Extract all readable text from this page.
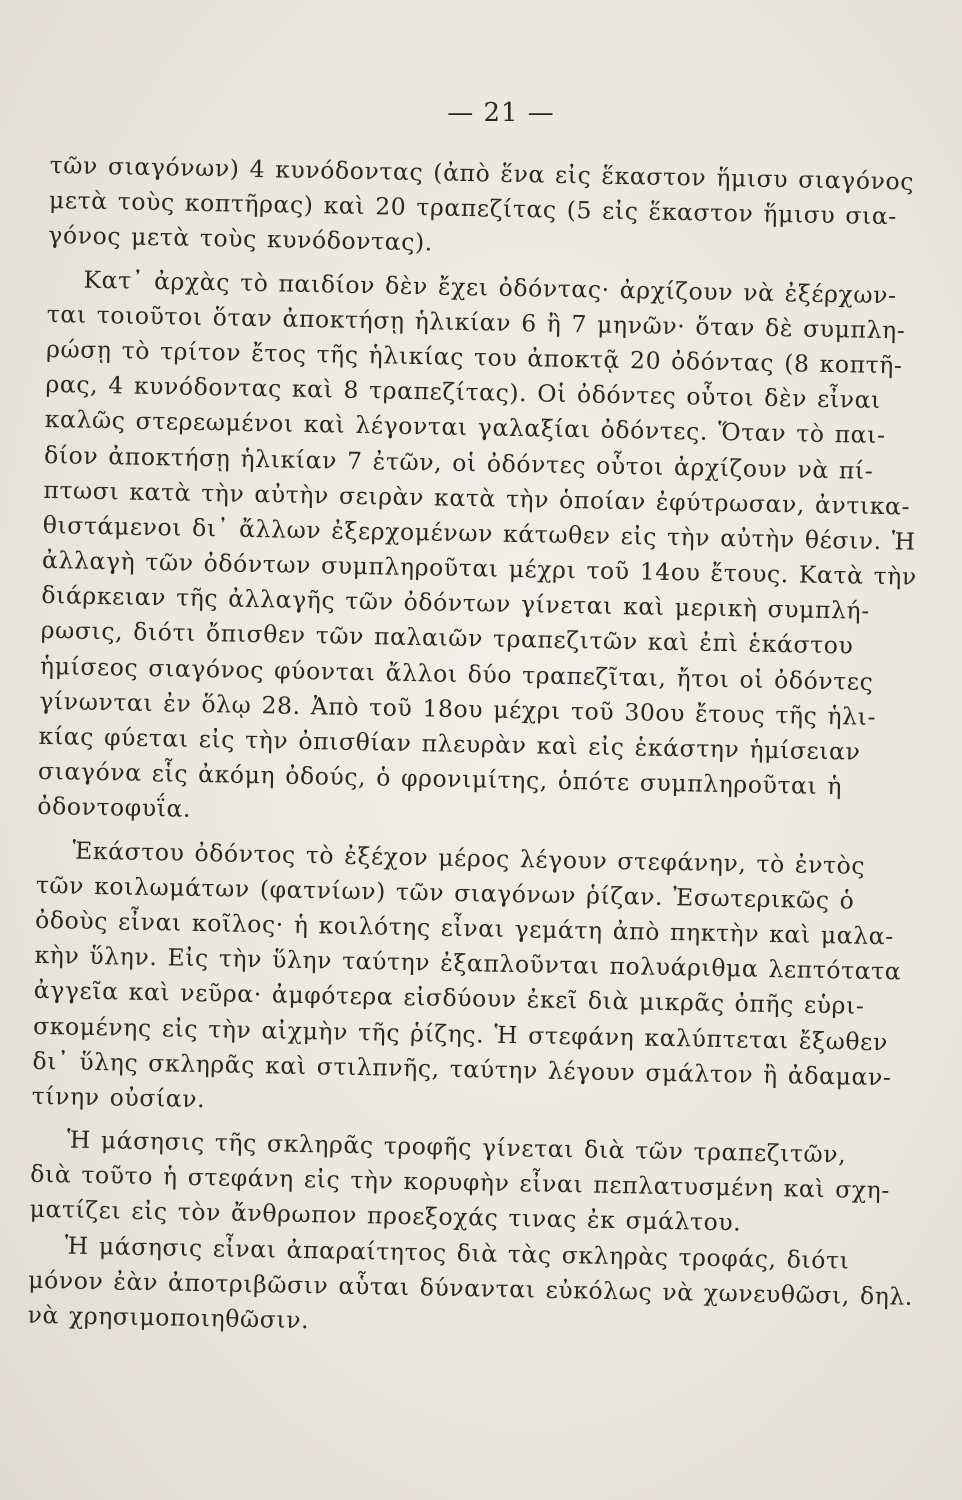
— 21 —
τῶν σιαγόνων) 4 κυνόδοντας (ἀπὸ ἕνα εἰς ἕκαστον ἥμισυ σιαγόνος
μετὰ τοὺς κοπτῆρας) καὶ 20 τραπεζίτας (5 εἰς ἕκαστον ἥμισυ σια-
γόνος μετὰ τοὺς κυνόδοντας).
Κατ᾽ ἀρχὰς τὸ παιδίον δὲν ἔχει ὀδόντας· ἀρχίζουν νὰ ἐξέρχων-
ται τοιοῦτοι ὅταν ἀποκτήσῃ ἡλικίαν 6 ἢ 7 μηνῶν· ὅταν δὲ συμπλη-
ρώσῃ τὸ τρίτον ἔτος τῆς ἡλικίας του ἀποκτᾷ 20 ὀδόντας (8 κοπτῆ-
ρας, 4 κυνόδοντας καὶ 8 τραπεζίτας). Οἱ ὀδόντες οὗτοι δὲν εἶναι
καλῶς στερεωμένοι καὶ λέγονται γαλαξίαι ὀδόντες. Ὅταν τὸ παι-
δίον ἀποκτήσῃ ἡλικίαν 7 ἐτῶν, οἱ ὀδόντες οὗτοι ἀρχίζουν νὰ πί-
πτωσι κατὰ τὴν αὐτὴν σειρὰν κατὰ τὴν ὁποίαν ἐφύτρωσαν, ἀντικα-
θιστάμενοι δι᾽ ἄλλων ἐξερχομένων κάτωθεν εἰς τὴν αὐτὴν θέσιν. Ἡ
ἀλλαγὴ τῶν ὀδόντων συμπληροῦται μέχρι τοῦ 14ου ἔτους. Κατὰ τὴν
διάρκειαν τῆς ἀλλαγῆς τῶν ὀδόντων γίνεται καὶ μερικὴ συμπλή-
ρωσις, διότι ὄπισθεν τῶν παλαιῶν τραπεζιτῶν καὶ ἐπὶ ἑκάστου
ἡμίσεος σιαγόνος φύονται ἄλλοι δύο τραπεζῖται, ἤτοι οἱ ὀδόντες
γίνωνται ἐν ὅλῳ 28. Ἀπὸ τοῦ 18ου μέχρι τοῦ 30ου ἔτους τῆς ἡλι-
κίας φύεται εἰς τὴν ὀπισθίαν πλευρὰν καὶ εἰς ἑκάστην ἡμίσειαν
σιαγόνα εἷς ἀκόμη ὀδούς, ὁ φρονιμίτης, ὁπότε συμπληροῦται ἡ
ὀδοντοφυΐα.
Ἑκάστου ὀδόντος τὸ ἐξέχον μέρος λέγουν στεφάνην, τὸ ἐντὸς
τῶν κοιλωμάτων (φατνίων) τῶν σιαγόνων ῥίζαν. Ἐσωτερικῶς ὁ
ὀδοὺς εἶναι κοῖλος· ἡ κοιλότης εἶναι γεμάτη ἀπὸ πηκτὴν καὶ μαλα-
κὴν ὕλην. Εἰς τὴν ὕλην ταύτην ἐξαπλοῦνται πολυάριθμα λεπτότατα
ἀγγεῖα καὶ νεῦρα· ἀμφότερα εἰσδύουν ἐκεῖ διὰ μικρᾶς ὀπῆς εὑρι-
σκομένης εἰς τὴν αἰχμὴν τῆς ῥίζης. Ἡ στεφάνη καλύπτεται ἔξωθεν
δι᾽ ὕλης σκληρᾶς καὶ στιλπνῆς, ταύτην λέγουν σμάλτον ἢ ἀδαμαν-
τίνην οὐσίαν.
Ἡ μάσησις τῆς σκληρᾶς τροφῆς γίνεται διὰ τῶν τραπεζιτῶν,
διὰ τοῦτο ἡ στεφάνη εἰς τὴν κορυφὴν εἶναι πεπλατυσμένη καὶ σχη-
ματίζει εἰς τὸν ἄνθρωπον προεξοχάς τινας ἐκ σμάλτου.
Ἡ μάσησις εἶναι ἀπαραίτητος διὰ τὰς σκληρὰς τροφάς, διότι
μόνον ἐὰν ἀποτριβῶσιν αὗται δύνανται εὐκόλως νὰ χωνευθῶσι, δηλ.
νὰ χρησιμοποιηθῶσιν.
